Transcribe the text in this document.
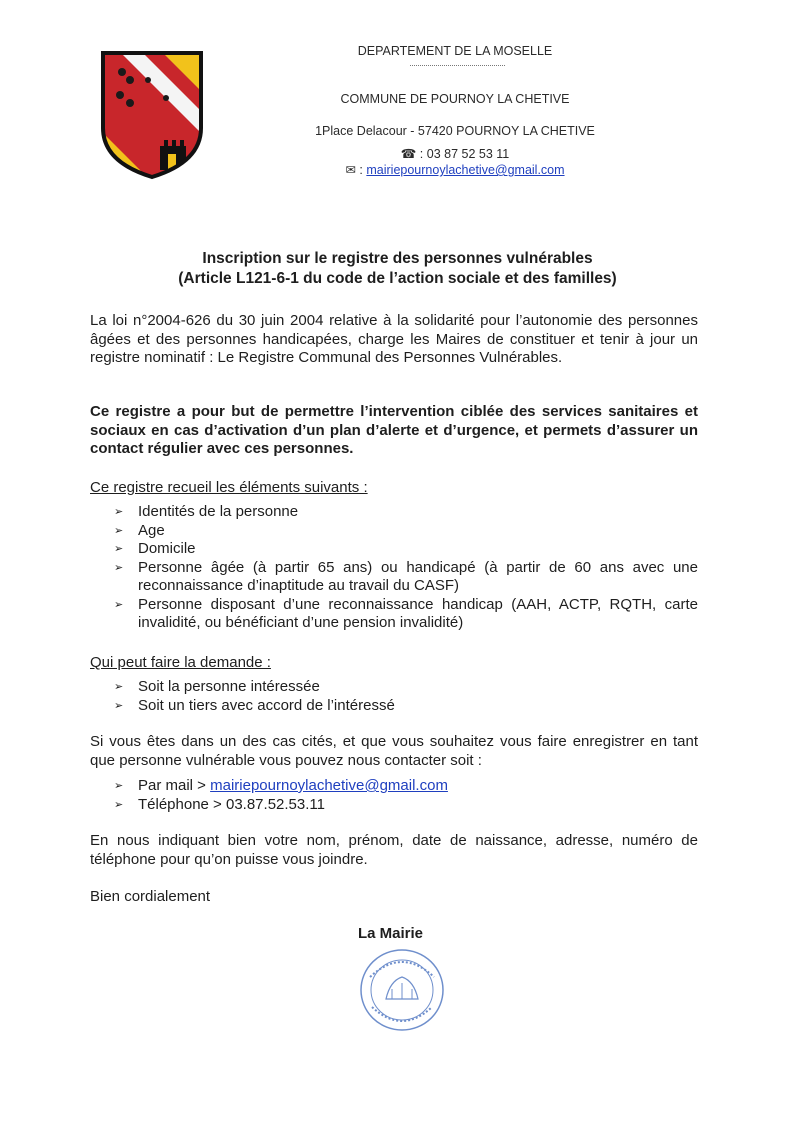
DEPARTEMENT DE LA MOSELLE
COMMUNE DE POURNOY LA CHETIVE
1Place Delacour - 57420 POURNOY LA CHETIVE
☎ : 03 87 52 53 11
✉ : mairiepournoylachetive@gmail.com
Inscription sur le registre des personnes vulnérables
(Article L121-6-1 du code de l’action sociale et des familles)
La loi n°2004-626 du 30 juin 2004 relative à la solidarité pour l’autonomie des personnes âgées et des personnes handicapées, charge les Maires de constituer et tenir à jour un registre nominatif : Le Registre Communal des Personnes Vulnérables.
Ce registre a pour but de permettre l’intervention ciblée des services sanitaires et sociaux en cas d’activation d’un plan d’alerte et d’urgence, et permets d’assurer un contact régulier avec ces personnes.
Ce registre recueil les éléments suivants :
➢ Identités de la personne
➢ Age
➢ Domicile
➢ Personne âgée (à partir 65 ans) ou handicapé (à partir de 60 ans avec une reconnaissance d’inaptitude au travail du CASF)
➢ Personne disposant d’une reconnaissance handicap (AAH, ACTP, RQTH, carte invalidité, ou bénéficiant d’une pension invalidité)
Qui peut faire la demande :
➢ Soit la personne intéressée
➢ Soit un tiers avec accord de l’intéressé
Si vous êtes dans un des cas cités, et que vous souhaitez vous faire enregistrer en tant que personne vulnérable vous pouvez nous contacter soit :
➢ Par mail > mairiepournoylachetive@gmail.com
➢ Téléphone > 03.87.52.53.11
En nous indiquant bien votre nom, prénom, date de naissance, adresse, numéro de téléphone pour qu’on puisse vous joindre.
Bien cordialement
La Mairie
